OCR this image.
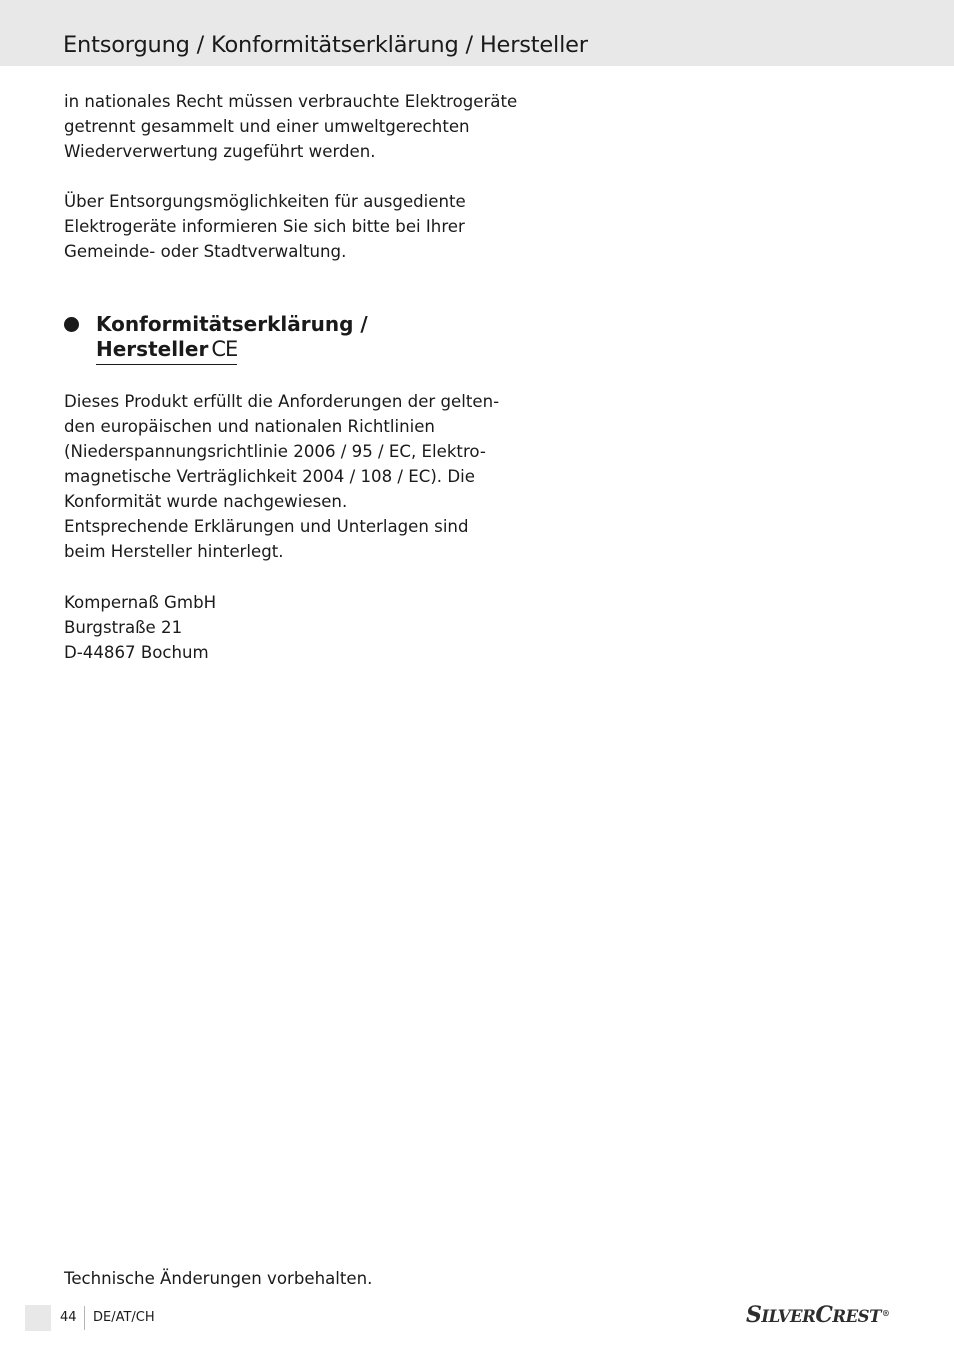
Entsorgung / Konformitätserklärung / Hersteller

in nationales Recht müssen verbrauchte Elektrogeräte

getrennt gesammelt und einer umweltgerechten

Wiederverwertung zugeführt werden.

Über Entsorgungsmöglichkeiten für ausgediente

Elektrogeräte informieren Sie sich bitte bei Ihrer

Gemeinde- oder Stadtverwaltung.

Konformitätserklärung /
Hersteller CE

Dieses Produkt erfüllt die Anforderungen der gelten-

den europäischen und nationalen Richtlinien

(Niederspannungsrichtlinie 2006 / 95 / EC, Elektro-

magnetische Verträglichkeit 2004 / 108 / EC). Die

Konformität wurde nachgewiesen.

Entsprechende Erklärungen und Unterlagen sind

beim Hersteller hinterlegt.

Kompernaß GmbH

Burgstraße 21

D-44867 Bochum

Technische Änderungen vorbehalten.

44 DE/AT/CH	SILVERCREST®
